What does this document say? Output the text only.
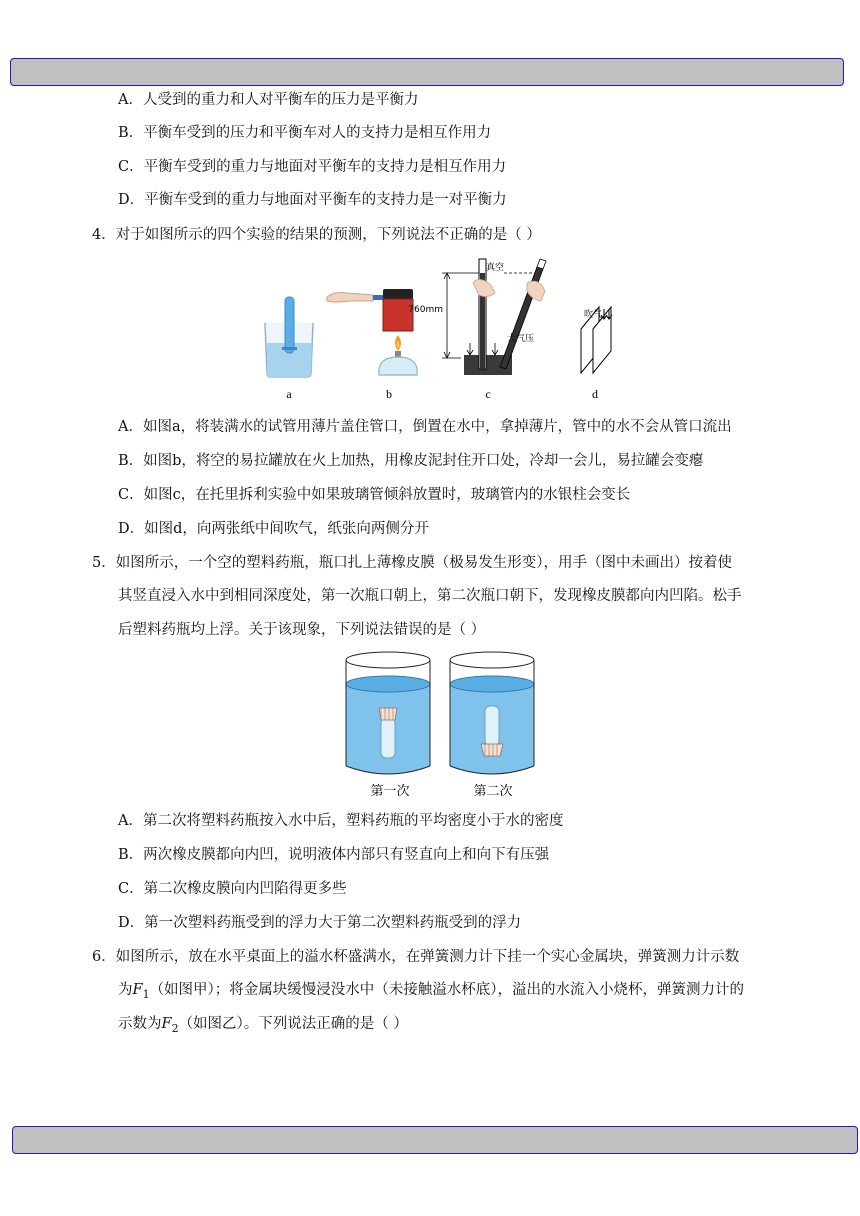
A．人受到的重力和人对平衡车的压力是平衡力
B．平衡车受到的压力和平衡车对人的支持力是相互作用力
C．平衡车受到的重力与地面对平衡车的支持力是相互作用力
D．平衡车受到的重力与地面对平衡车的支持力是一对平衡力
4．对于如图所示的四个实验的结果的预测，下列说法不正确的是（ ）
a	b
真空
760mm
大气压
c
吹气
d
A．如图a，将装满水的试管用薄片盖住管口，倒置在水中，拿掉薄片，管中的水不会从管口流出
B．如图b，将空的易拉罐放在火上加热，用橡皮泥封住开口处，冷却一会儿，易拉罐会变瘪
C．如图c，在托里拆利实验中如果玻璃管倾斜放置时，玻璃管内的水银柱会变长
D．如图d，向两张纸中间吹气，纸张向两侧分开
5．如图所示，一个空的塑料药瓶，瓶口扎上薄橡皮膜（极易发生形变），用手（图中未画出）按着使
其竖直浸入水中到相同深度处，第一次瓶口朝上，第二次瓶口朝下，发现橡皮膜都向内凹陷。松手
后塑料药瓶均上浮。关于该现象，下列说法错误的是（ ）
第一次	第二次
A．第二次将塑料药瓶按入水中后，塑料药瓶的平均密度小于水的密度
B．两次橡皮膜都向内凹，说明液体内部只有竖直向上和向下有压强
C．第二次橡皮膜向内凹陷得更多些
D．第一次塑料药瓶受到的浮力大于第二次塑料药瓶受到的浮力
6．如图所示，放在水平桌面上的溢水杯盛满水，在弹簧测力计下挂一个实心金属块，弹簧测力计示数
为$F_1$（如图甲）；将金属块缓慢浸没水中（未接触溢水杯底），溢出的水流入小烧杯，弹簧测力计的
示数为$F_2$（如图乙）。下列说法正确的是（ ）
